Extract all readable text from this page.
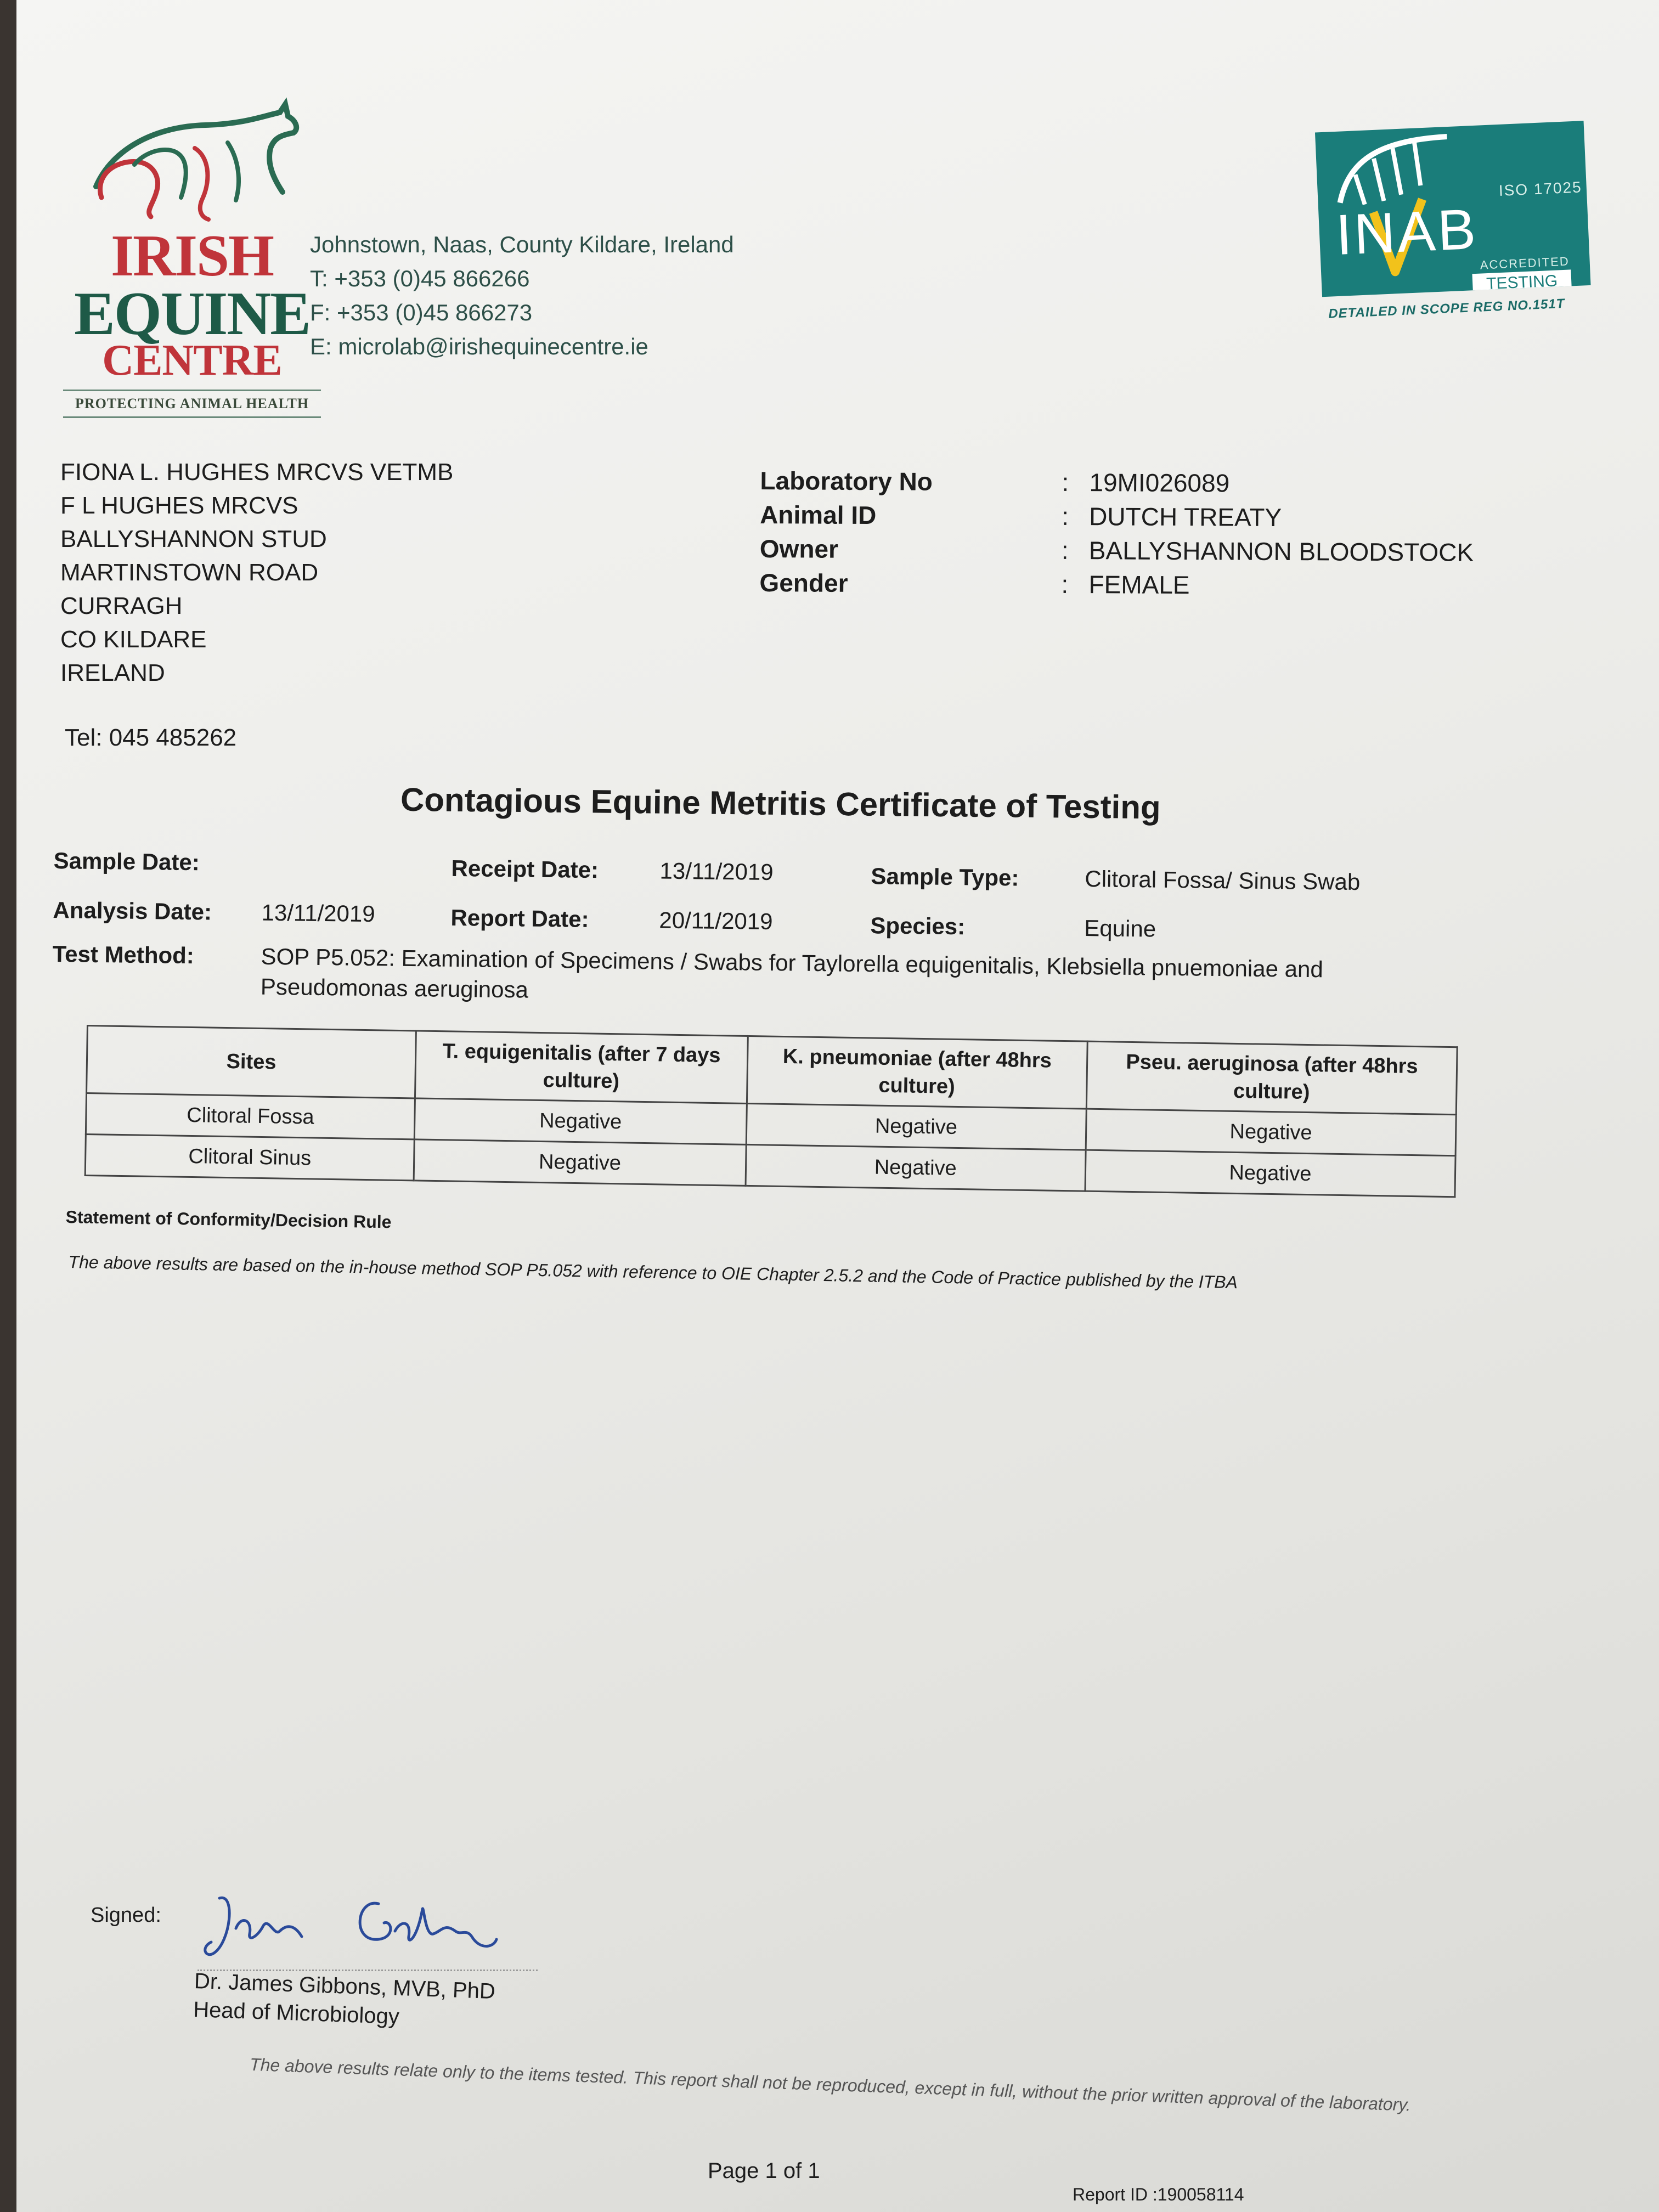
IRISH
EQUINE
CENTRE
PROTECTING ANIMAL HEALTH
Johnstown, Naas, County Kildare, Ireland
T: +353 (0)45 866266
F: +353 (0)45 866273
E: microlab@irishequinecentre.ie
ISO 17025
INAB ACCREDITED
TESTING
DETAILED IN SCOPE REG NO.151T
FIONA L. HUGHES MRCVS VETMB
F L HUGHES MRCVS
BALLYSHANNON STUD
MARTINSTOWN ROAD
CURRAGH
CO KILDARE
IRELAND
Tel: 045 485262
Laboratory No	: 19MI026089
Animal ID	: DUTCH TREATY
Owner	: BALLYSHANNON BLOODSTOCK
Gender	: FEMALE
Contagious Equine Metritis Certificate of Testing
Sample Date:	Receipt Date:	13/11/2019	Sample Type:	Clitoral Fossa/ Sinus Swab
Analysis Date: 13/11/2019	Report Date:	20/11/2019	Species:	Equine
Test Method:	SOP P5.052: Examination of Specimens / Swabs for Taylorella equigenitalis, Klebsiella pnuemoniae and
Pseudomonas aeruginosa
Sites	T. equigenitalis (after 7 days culture)	K. pneumoniae (after 48hrs culture)	Pseu. aeruginosa (after 48hrs culture)
Clitoral Fossa	Negative	Negative	Negative
Clitoral Sinus	Negative	Negative	Negative
Statement of Conformity/Decision Rule
The above results are based on the in-house method SOP P5.052 with reference to OIE Chapter 2.5.2 and the Code of Practice published by the ITBA
Signed:
Dr. James Gibbons, MVB, PhD
Head of Microbiology
The above results relate only to the items tested. This report shall not be reproduced, except in full, without the prior written approval of the laboratory.
Page 1 of 1
Report ID :190058114
